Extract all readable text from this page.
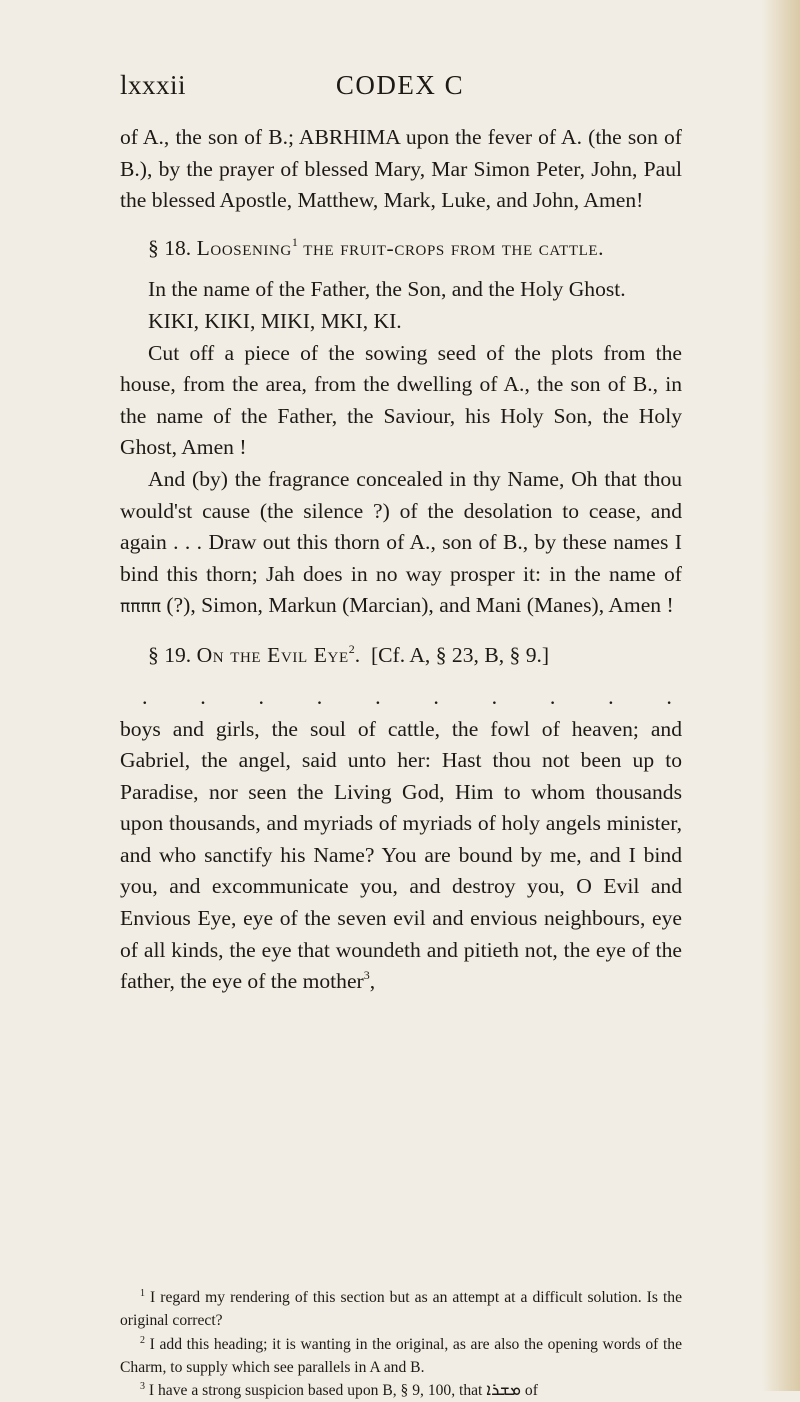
lxxxii	CODEX C

of A., the son of B.; ABRHIMA upon the fever of A. (the son of B.), by the prayer of blessed Mary, Mar Simon Peter, John, Paul the blessed Apostle, Matthew, Mark, Luke, and John, Amen!

§ 18. Loosening$^1$ the fruit-crops from the cattle.

In the name of the Father, the Son, and the Holy Ghost.

KIKI, KIKI, MIKI, MKI, KI.

Cut off a piece of the sowing seed of the plots from the house, from the area, from the dwelling of A., the son of B., in the name of the Father, the Saviour, his Holy Son, the Holy Ghost, Amen !

And (by) the fragrance concealed in thy Name, Oh that thou would'st cause (the silence ?) of the desolation to cease, and again . . . Draw out this thorn of A., son of B., by these names I bind this thorn; Jah does in no way prosper it: in the name of ππππ (?), Simon, Markun (Marcian), and Mani (Manes), Amen !

§ 19. On the Evil Eye$^2$.  [Cf. A, § 23, B, § 9.]

. . . . . . . . . .

boys and girls, the soul of cattle, the fowl of heaven; and Gabriel, the angel, said unto her: Hast thou not been up to Paradise, nor seen the Living God, Him to whom thousands upon thousands, and myriads of myriads of holy angels minister, and who sanctify his Name? You are bound by me, and I bind you, and excommunicate you, and destroy you, O Evil and Envious Eye, eye of the seven evil and envious neighbours, eye of all kinds, the eye that woundeth and pitieth not, the eye of the father, the eye of the mother$^3$,

$^1$ I regard my rendering of this section but as an attempt at a difficult solution. Is the original correct?

$^2$ I add this heading; it is wanting in the original, as are also the opening words of the Charm, to supply which see parallels in A and B.

$^3$ I have a strong suspicion based upon B, § 9, 100, that ܡܫܪܐ of
